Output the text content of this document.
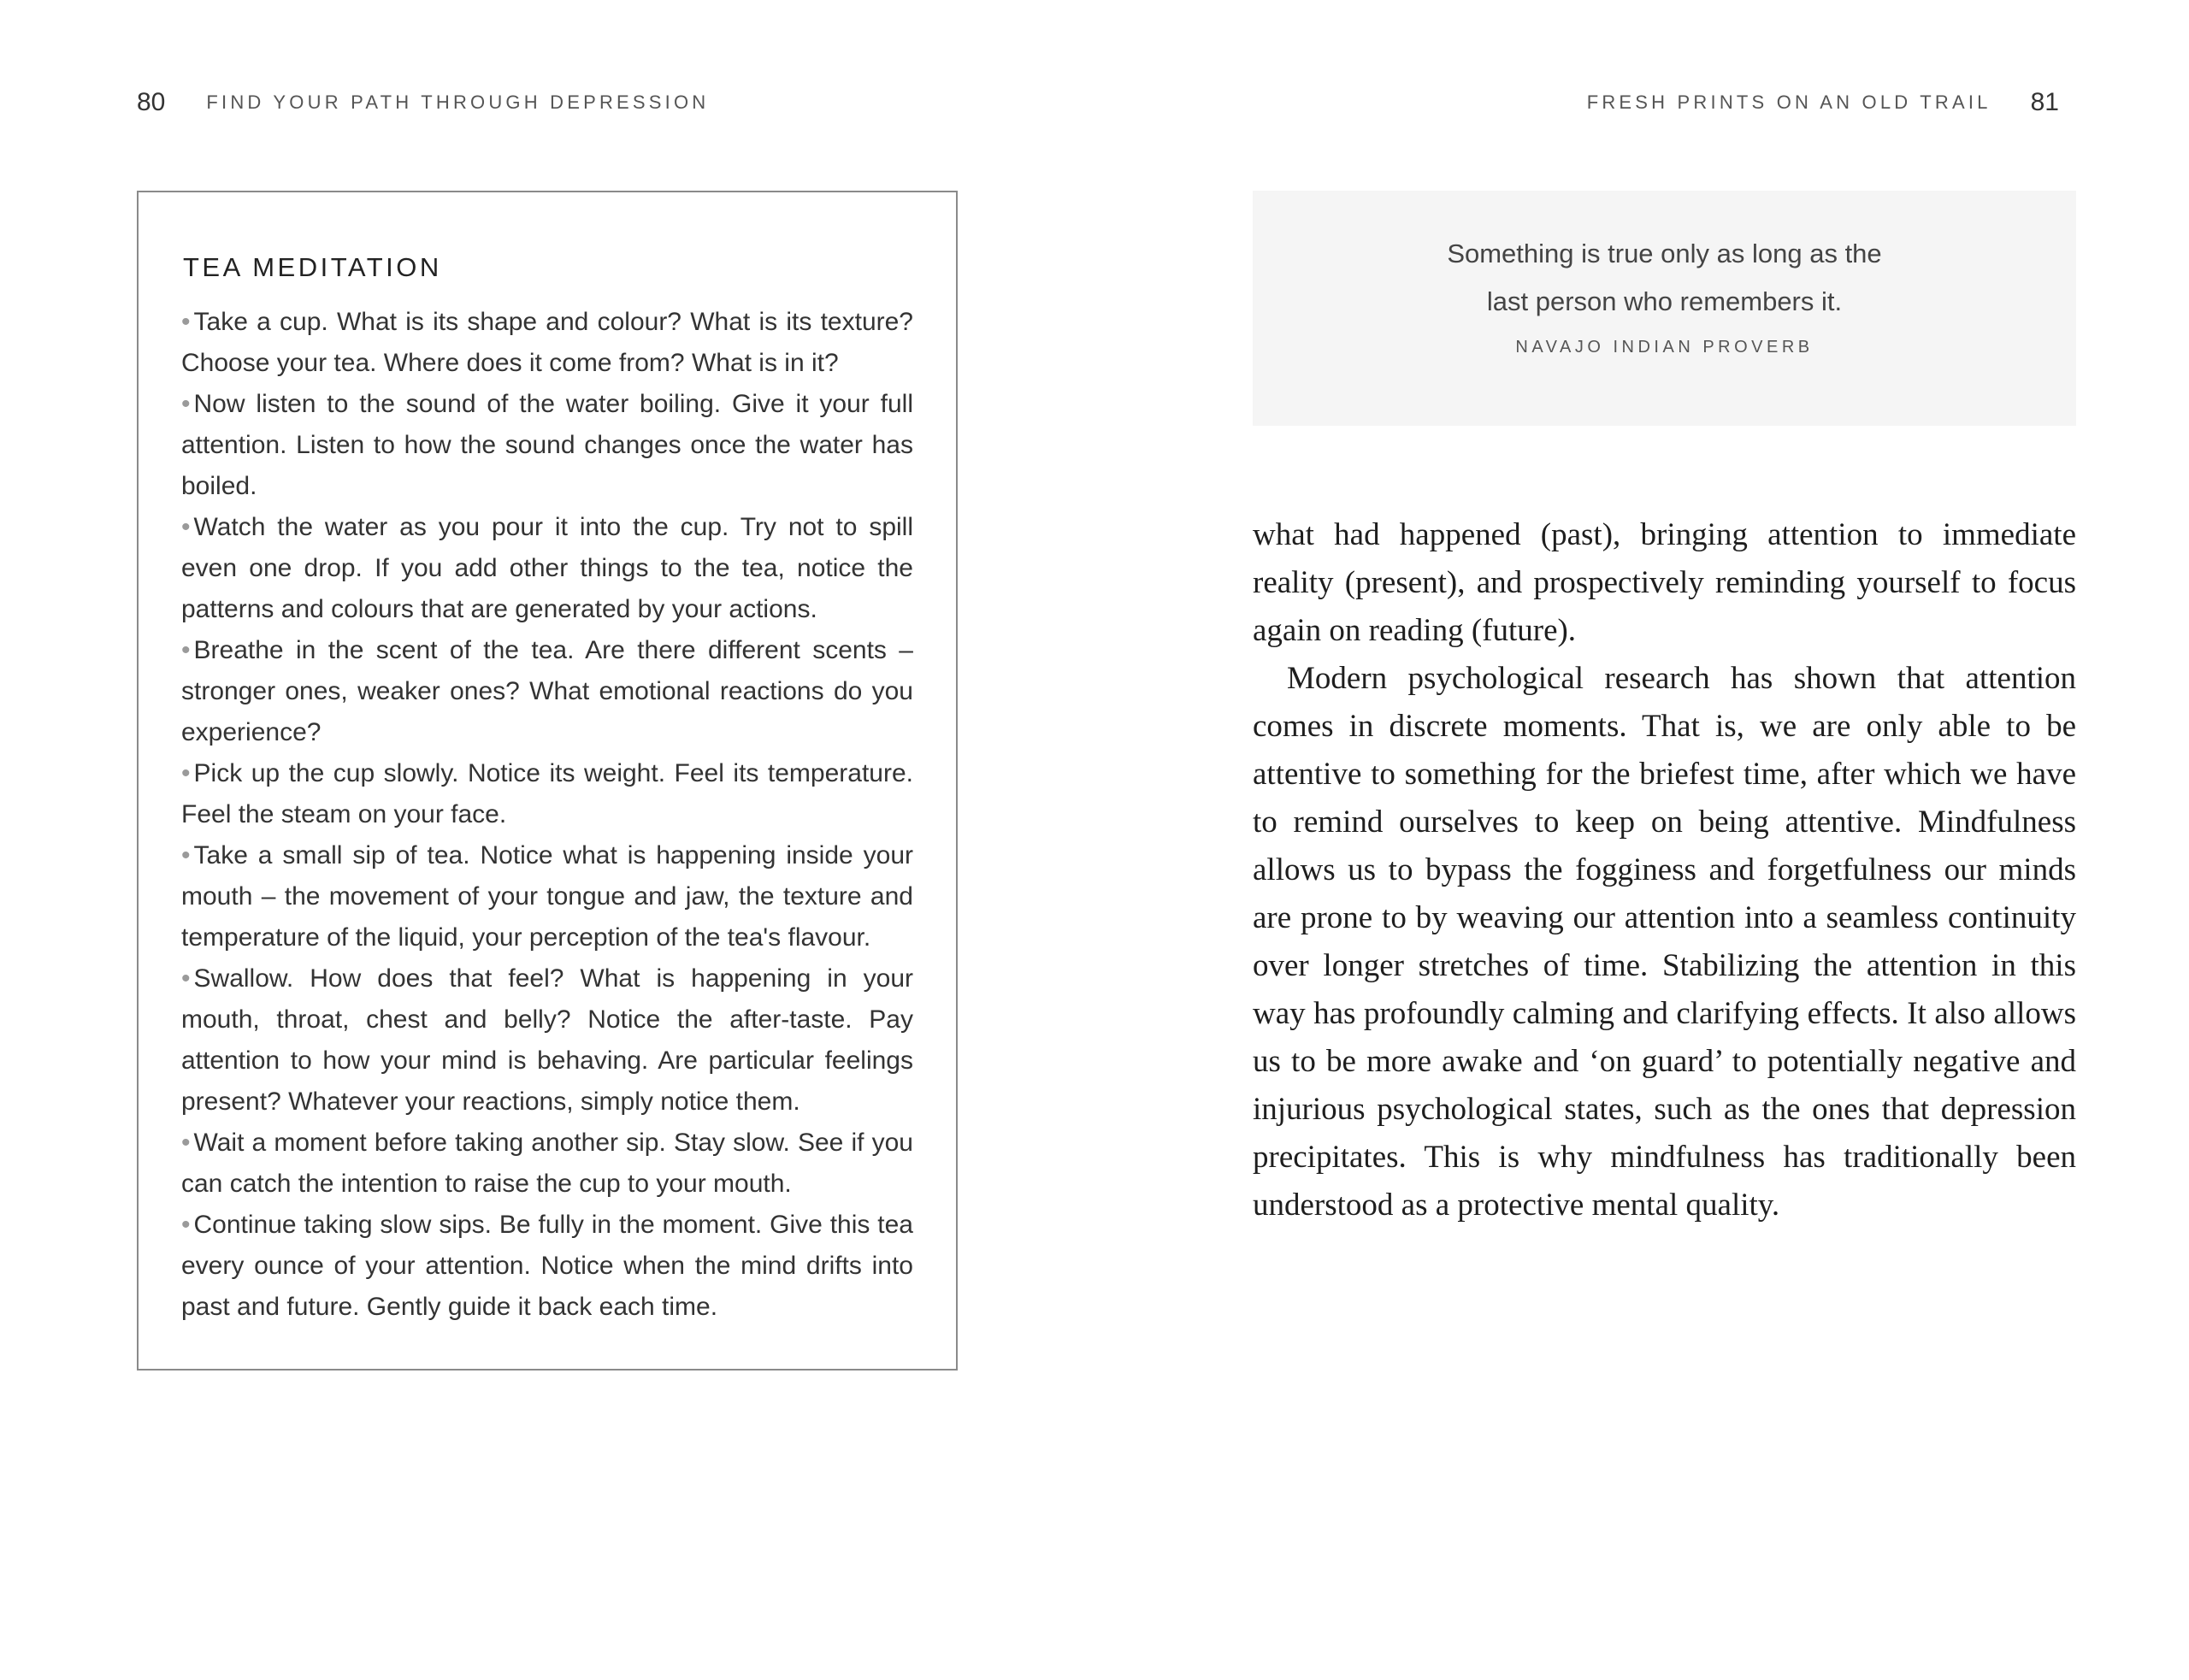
80 FIND YOUR PATH THROUGH DEPRESSION
TEA MEDITATION
• Take a cup. What is its shape and colour? What is its texture? Choose your tea. Where does it come from? What is in it?
• Now listen to the sound of the water boiling. Give it your full attention. Listen to how the sound changes once the water has boiled.
• Watch the water as you pour it into the cup. Try not to spill even one drop. If you add other things to the tea, notice the patterns and colours that are generated by your actions.
• Breathe in the scent of the tea. Are there different scents – stronger ones, weaker ones? What emotional reactions do you experience?
• Pick up the cup slowly. Notice its weight. Feel its temperature. Feel the steam on your face.
• Take a small sip of tea. Notice what is happening inside your mouth – the movement of your tongue and jaw, the texture and temperature of the liquid, your perception of the tea's flavour.
• Swallow. How does that feel? What is happening in your mouth, throat, chest and belly? Notice the after-taste. Pay attention to how your mind is behaving. Are particular feelings present? Whatever your reactions, simply notice them.
• Wait a moment before taking another sip. Stay slow. See if you can catch the intention to raise the cup to your mouth.
• Continue taking slow sips. Be fully in the moment. Give this tea every ounce of your attention. Notice when the mind drifts into past and future. Gently guide it back each time.
FRESH PRINTS ON AN OLD TRAIL 81
Something is true only as long as the last person who remembers it.
NAVAJO INDIAN PROVERB

what had happened (past), bringing attention to immediate reality (present), and prospectively reminding yourself to focus again on reading (future).

Modern psychological research has shown that attention comes in discrete moments. That is, we are only able to be attentive to something for the briefest time, after which we have to remind ourselves to keep on being attentive. Mindfulness allows us to bypass the fogginess and forgetfulness our minds are prone to by weaving our attention into a seamless continuity over longer stretches of time. Stabilizing the attention in this way has profoundly calming and clarifying effects. It also allows us to be more awake and ‘on guard’ to potentially negative and injurious psychological states, such as the ones that depression precipitates. This is why mindfulness has traditionally been understood as a protective mental quality.
